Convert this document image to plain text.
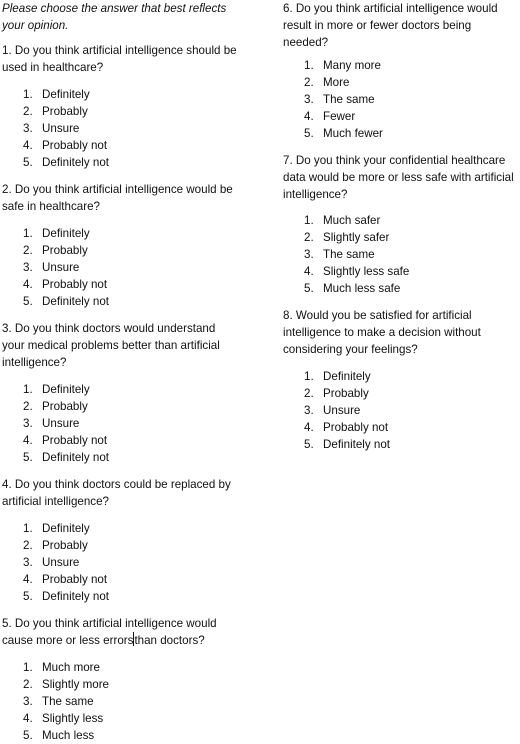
Please choose the answer that best reflects
your opinion.

1. Do you think artificial intelligence should be
used in healthcare?

1. Definitely
2. Probably
3. Unsure
4. Probably not
5. Definitely not

2. Do you think artificial intelligence would be
safe in healthcare?

1. Definitely
2. Probably
3. Unsure
4. Probably not
5. Definitely not

3. Do you think doctors would understand
your medical problems better than artificial
intelligence?

1. Definitely
2. Probably
3. Unsure
4. Probably not
5. Definitely not

4. Do you think doctors could be replaced by
artificial intelligence?

1. Definitely
2. Probably
3. Unsure
4. Probably not
5. Definitely not

5. Do you think artificial intelligence would
cause more or less errorsthan doctors?

1. Much more
2. Slightly more
3. The same
4. Slightly less
5. Much less

6. Do you think artificial intelligence would
result in more or fewer doctors being
needed?

1. Many more
2. More
3. The same
4. Fewer
5. Much fewer

7. Do you think your confidential healthcare
data would be more or less safe with artificial
intelligence?

1. Much safer
2. Slightly safer
3. The same
4. Slightly less safe
5. Much less safe

8. Would you be satisfied for artificial
intelligence to make a decision without
considering your feelings?

1. Definitely
2. Probably
3. Unsure
4. Probably not
5. Definitely not
